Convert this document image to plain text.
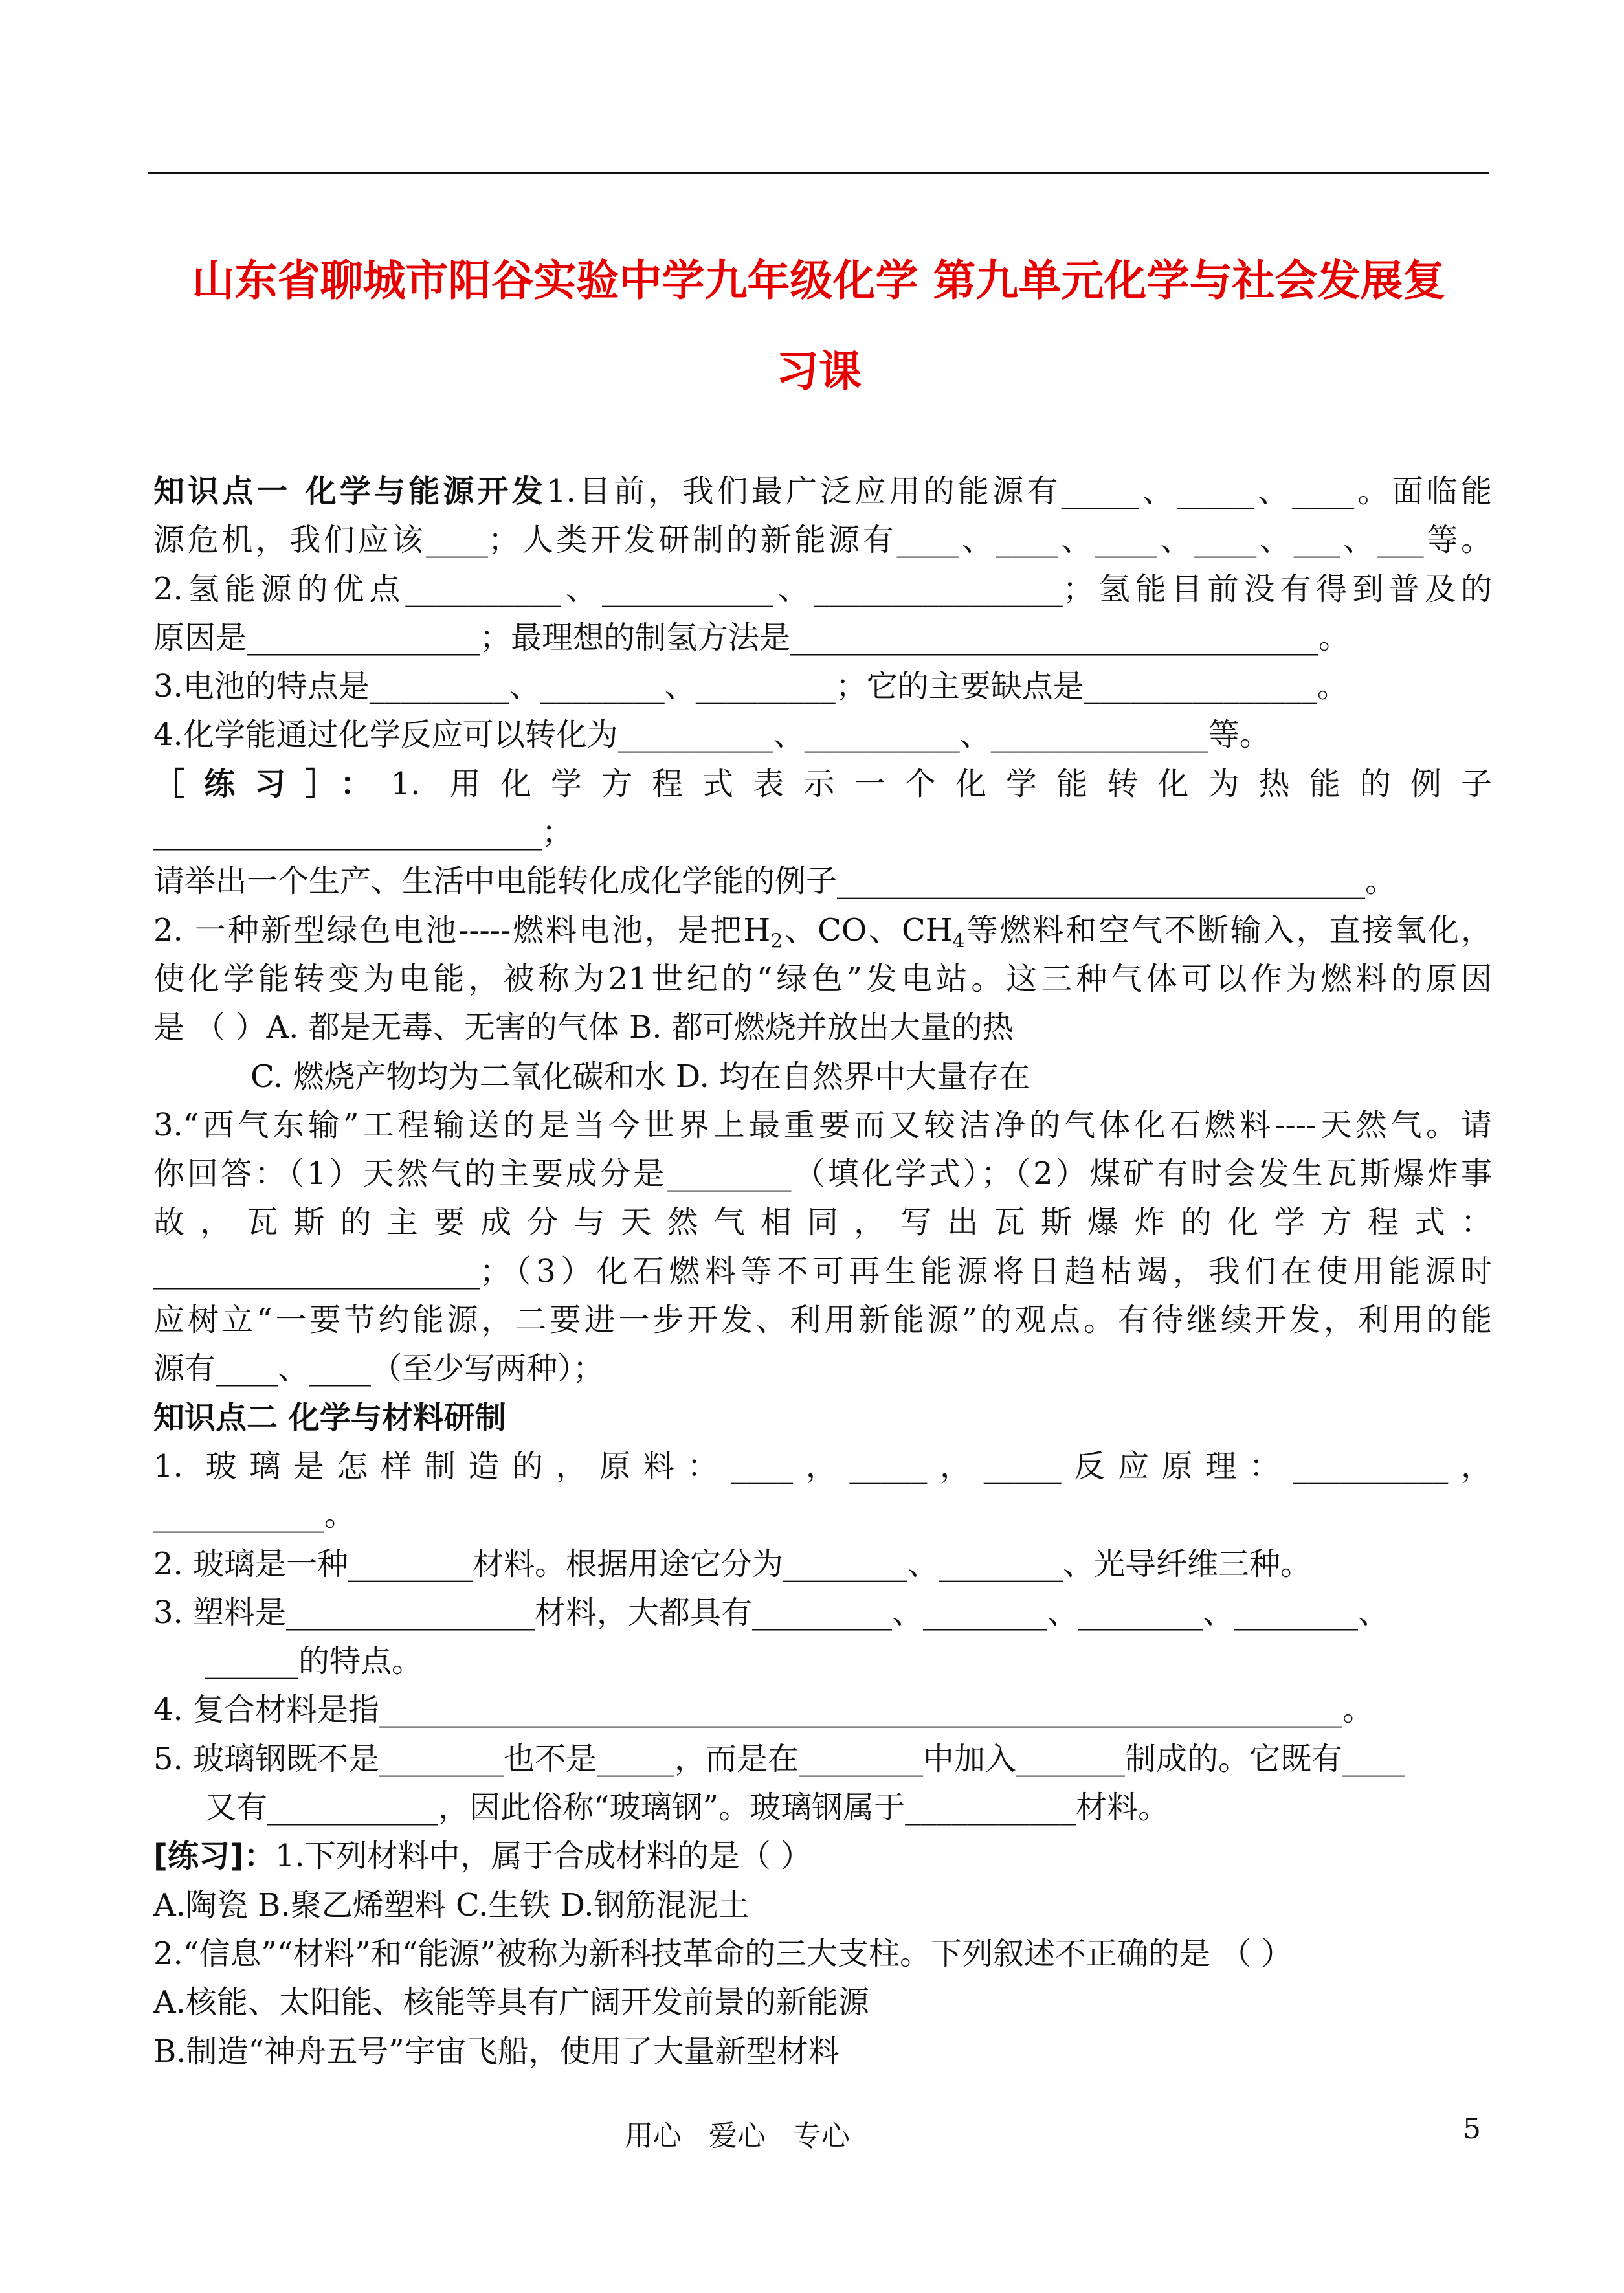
山东省聊城市阳谷实验中学九年级化学 第九单元化学与社会发展复
习课
知识点一 化学与能源开发1.目前，我们最广泛应用的能源有_____、_____、____。面临能
源危机，我们应该____；人类开发研制的新能源有____、____、____、____、___、___等。
2.氢能源的优点__________、___________、________________；氢能目前没有得到普及的
原因是_______________；最理想的制氢方法是__________________________________。
3.电池的特点是_________、________、_________；它的主要缺点是_______________。
4.化学能通过化学反应可以转化为__________、__________、______________等。
［练习］：1. 用化学方程式表示一个化学能转化为热能的例子
_________________________；
请举出一个生产、生活中电能转化成化学能的例子__________________________________。
2. 一种新型绿色电池-----燃料电池，是把$H_2$、CO、$CH_4$等燃料和空气不断输入，直接氧化，
使化学能转变为电能，被称为21世纪的“绿色”发电站。这三种气体可以作为燃料的原因
是 （ ）A. 都是无毒、无害的气体 B. 都可燃烧并放出大量的热
C. 燃烧产物均为二氧化碳和水 D. 均在自然界中大量存在
3.“西气东输”工程输送的是当今世界上最重要而又较洁净的气体化石燃料----天然气。请
你回答：（1）天然气的主要成分是________（填化学式）；（2）煤矿有时会发生瓦斯爆炸事
故，瓦斯的主要成分与天然气相同，写出瓦斯爆炸的化学方程式：
_____________________；（3）化石燃料等不可再生能源将日趋枯竭，我们在使用能源时
应树立“一要节约能源，二要进一步开发、利用新能源”的观点。有待继续开发，利用的能
源有____、____（至少写两种）；
知识点二 化学与材料研制
1. 玻璃是怎样制造的，原料：____，_____，_____反应原理：__________，
___________。
2. 玻璃是一种________材料。根据用途它分为________、________、光导纤维三种。
3. 塑料是________________材料，大都具有_________、________、________、________、
______的特点。
4. 复合材料是指______________________________________________________________。
5. 玻璃钢既不是________也不是_____，而是在________中加入_______制成的。它既有____
又有___________，因此俗称“玻璃钢”。玻璃钢属于___________材料。
[练习]：1.下列材料中，属于合成材料的是（ ）
A.陶瓷 B.聚乙烯塑料 C.生铁 D.钢筋混泥土
2.“信息”“材料”和“能源”被称为新科技革命的三大支柱。下列叙述不正确的是 （ ）
A.核能、太阳能、核能等具有广阔开发前景的新能源
B.制造“神舟五号”宇宙飞船，使用了大量新型材料
用心   爱心   专心	5
